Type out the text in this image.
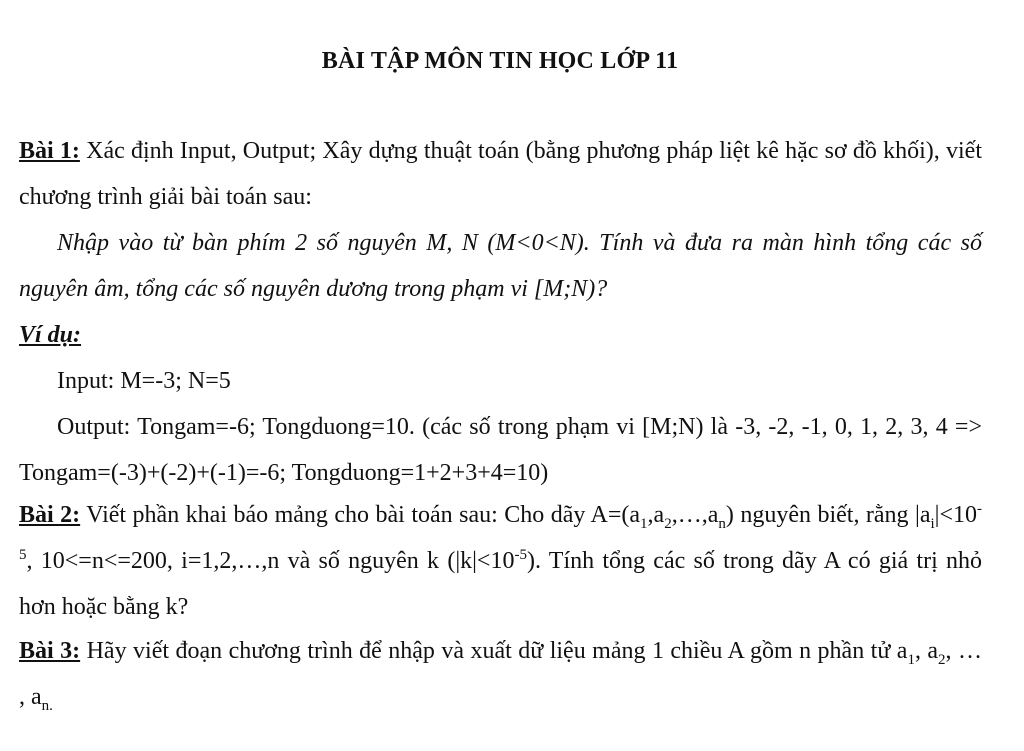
BÀI TẬP MÔN TIN HỌC LỚP 11

Bài 1: Xác định Input, Output; Xây dựng thuật toán (bằng phương pháp liệt kê hặc sơ đồ khối), viết chương trình giải bài toán sau:

Nhập vào từ bàn phím 2 số nguyên M, N (M<0<N). Tính và đưa ra màn hình tổng các số nguyên âm, tổng các số nguyên dương trong phạm vi [M;N)?

Ví dụ:

Input: M=-3; N=5

Output: Tongam=-6; Tongduong=10. (các số trong phạm vi [M;N) là -3, -2, -1, 0, 1, 2, 3, 4 => Tongam=(-3)+(-2)+(-1)=-6; Tongduong=1+2+3+4=10)

Bài 2: Viết phần khai báo mảng cho bài toán sau: Cho dãy $A=(a_1,a_2,\dots,a_n)$ nguyên biết, rằng $|a_i|<10^{-5}$, 10<=n<=200, i=1,2,…,n và số nguyên k $(|k|<10^{-5})$. Tính tổng các số trong dãy A có giá trị nhỏ hơn hoặc bằng k?

Bài 3: Hãy viết đoạn chương trình để nhập và xuất dữ liệu mảng 1 chiều A gồm n phần tử $a_1$, $a_2$, … , $a_{n.}$
